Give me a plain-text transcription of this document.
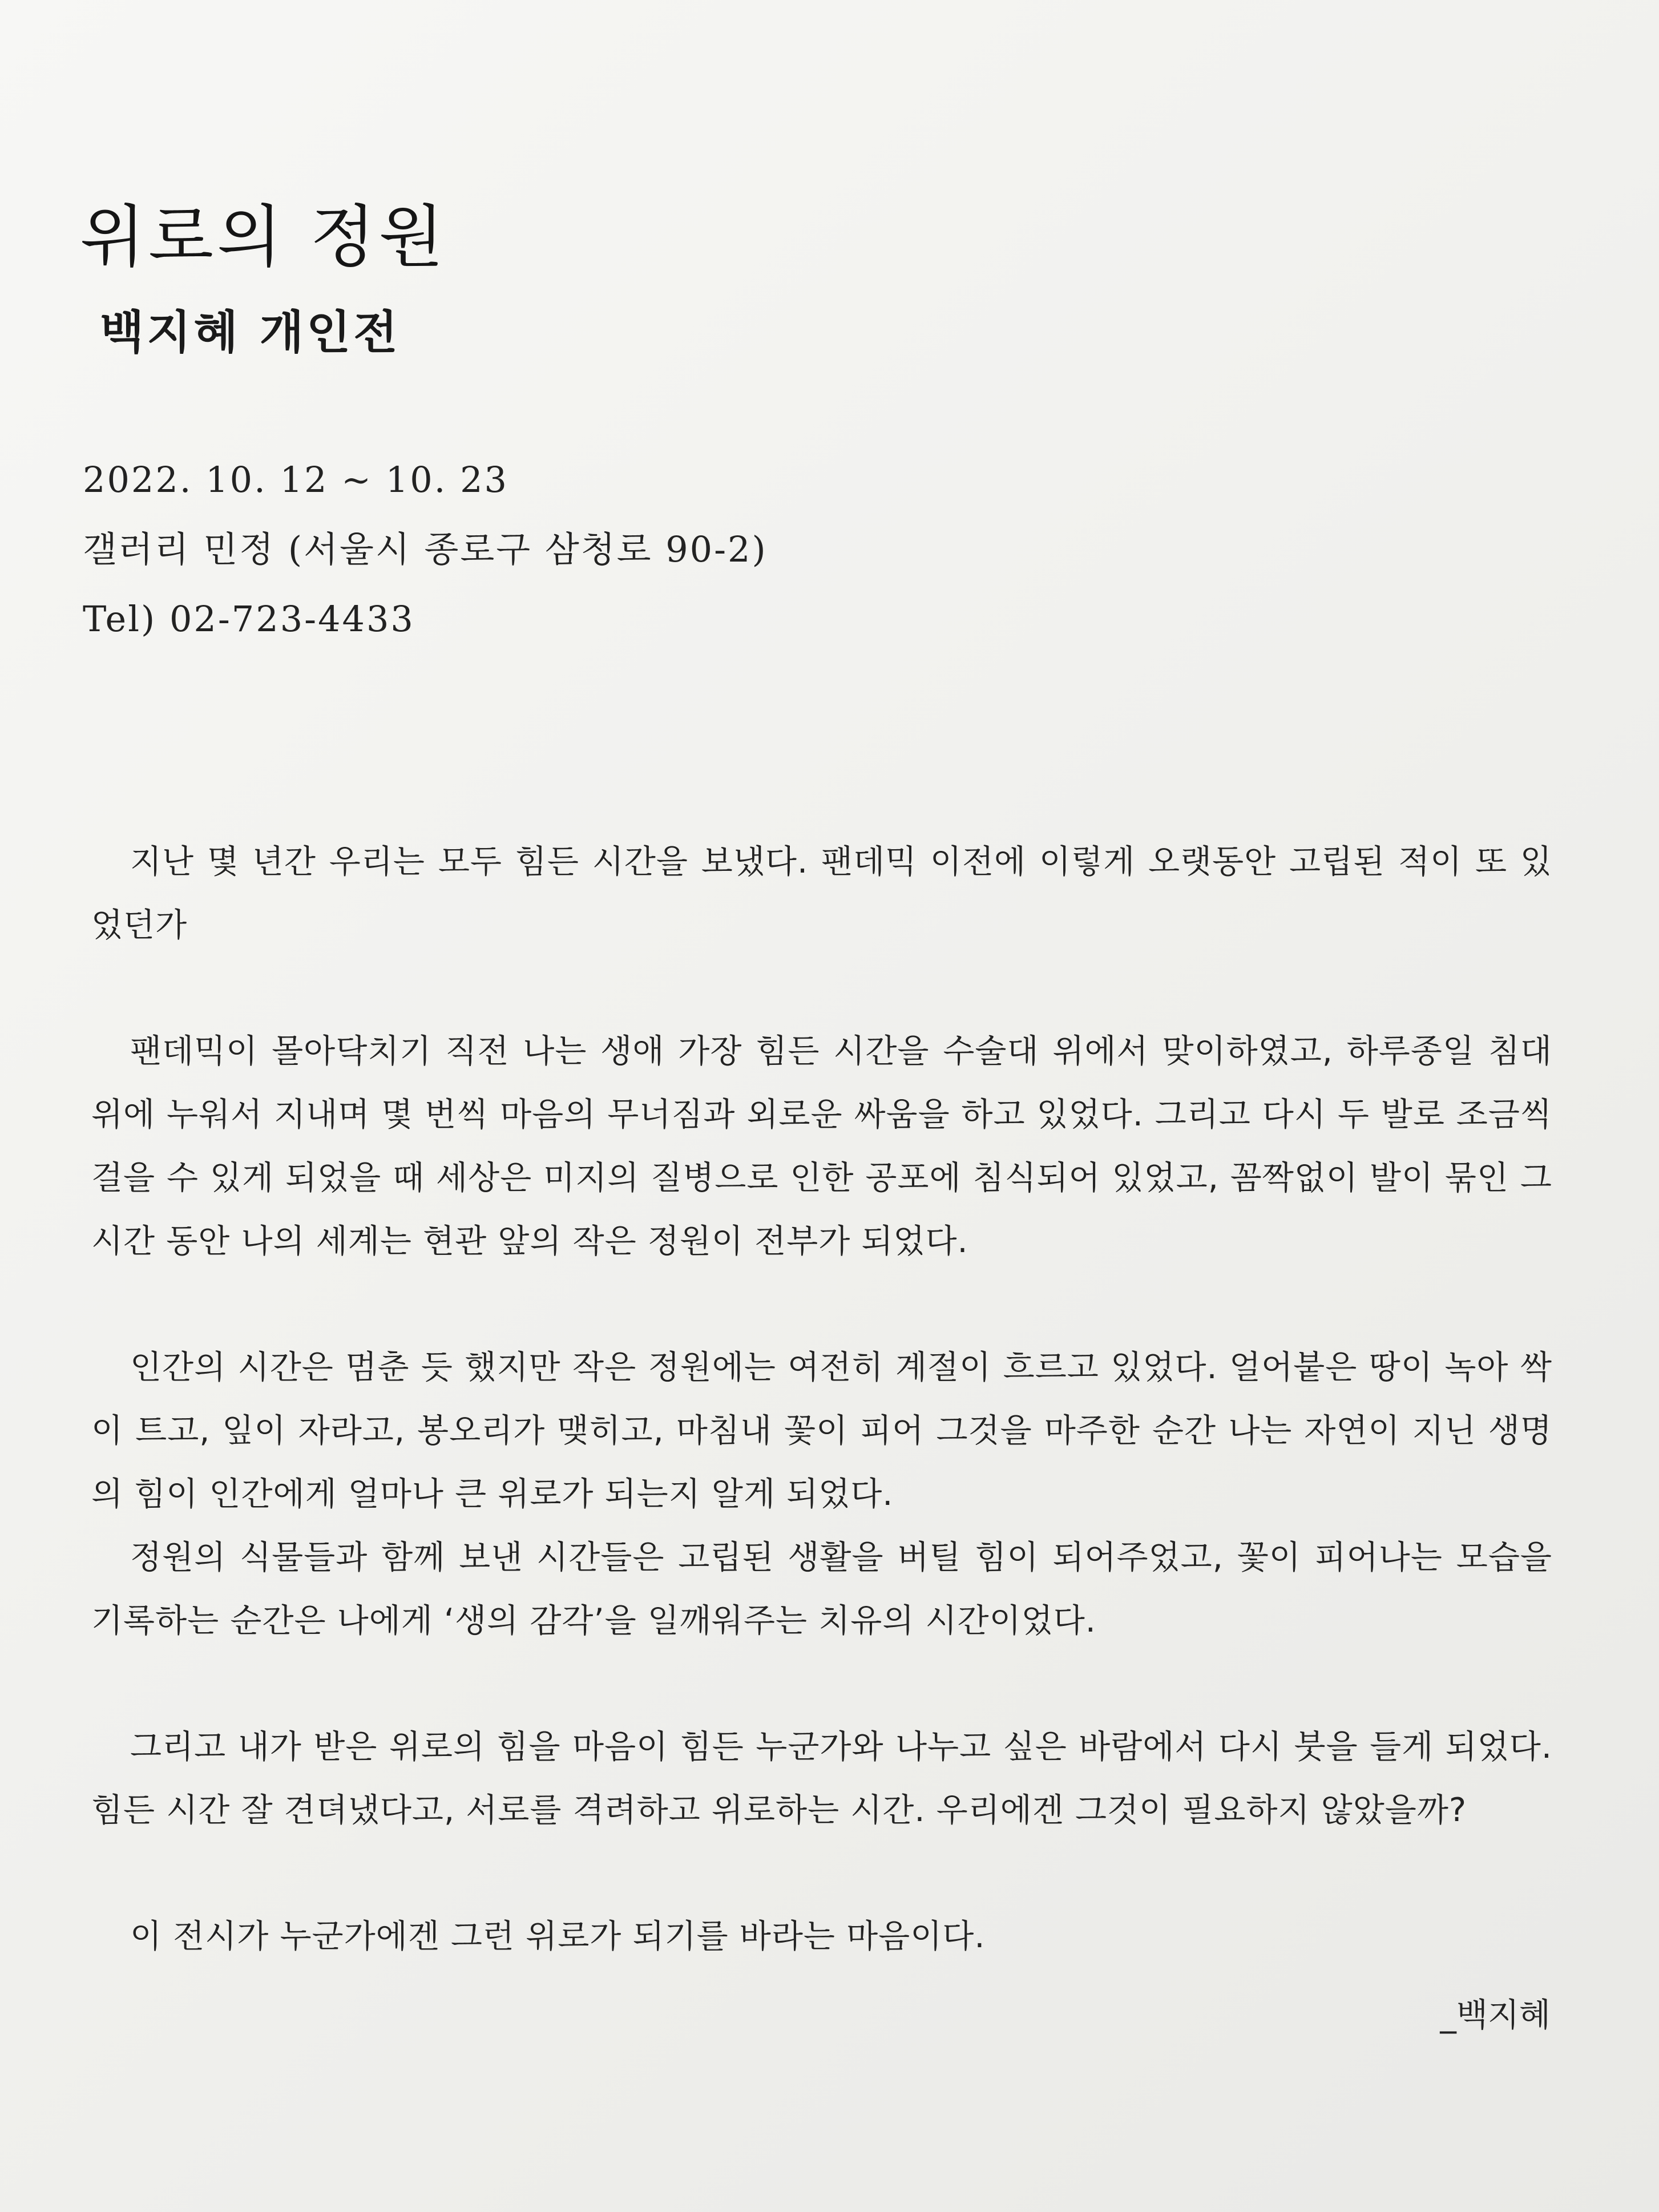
위로의 정원
백지혜 개인전
2022. 10. 12 ~ 10. 23
갤러리 민정 (서울시 종로구 삼청로 90-2)
Tel) 02-723-4433

지난 몇 년간 우리는 모두 힘든 시간을 보냈다. 팬데믹 이전에 이렇게 오랫동안 고립된 적이 또 있었던가

팬데믹이 몰아닥치기 직전 나는 생애 가장 힘든 시간을 수술대 위에서 맞이하였고, 하루종일 침대 위에 누워서 지내며 몇 번씩 마음의 무너짐과 외로운 싸움을 하고 있었다. 그리고 다시 두 발로 조금씩 걸을 수 있게 되었을 때 세상은 미지의 질병으로 인한 공포에 침식되어 있었고, 꼼짝없이 발이 묶인 그 시간 동안 나의 세계는 현관 앞의 작은 정원이 전부가 되었다.

인간의 시간은 멈춘 듯 했지만 작은 정원에는 여전히 계절이 흐르고 있었다. 얼어붙은 땅이 녹아 싹이 트고, 잎이 자라고, 봉오리가 맺히고, 마침내 꽃이 피어 그것을 마주한 순간 나는 자연이 지닌 생명의 힘이 인간에게 얼마나 큰 위로가 되는지 알게 되었다.

정원의 식물들과 함께 보낸 시간들은 고립된 생활을 버틸 힘이 되어주었고, 꽃이 피어나는 모습을 기록하는 순간은 나에게 ‘생의 감각’을 일깨워주는 치유의 시간이었다.

그리고 내가 받은 위로의 힘을 마음이 힘든 누군가와 나누고 싶은 바람에서 다시 붓을 들게 되었다. 힘든 시간 잘 견뎌냈다고, 서로를 격려하고 위로하는 시간. 우리에겐 그것이 필요하지 않았을까?

이 전시가 누군가에겐 그런 위로가 되기를 바라는 마음이다.

_백지혜
